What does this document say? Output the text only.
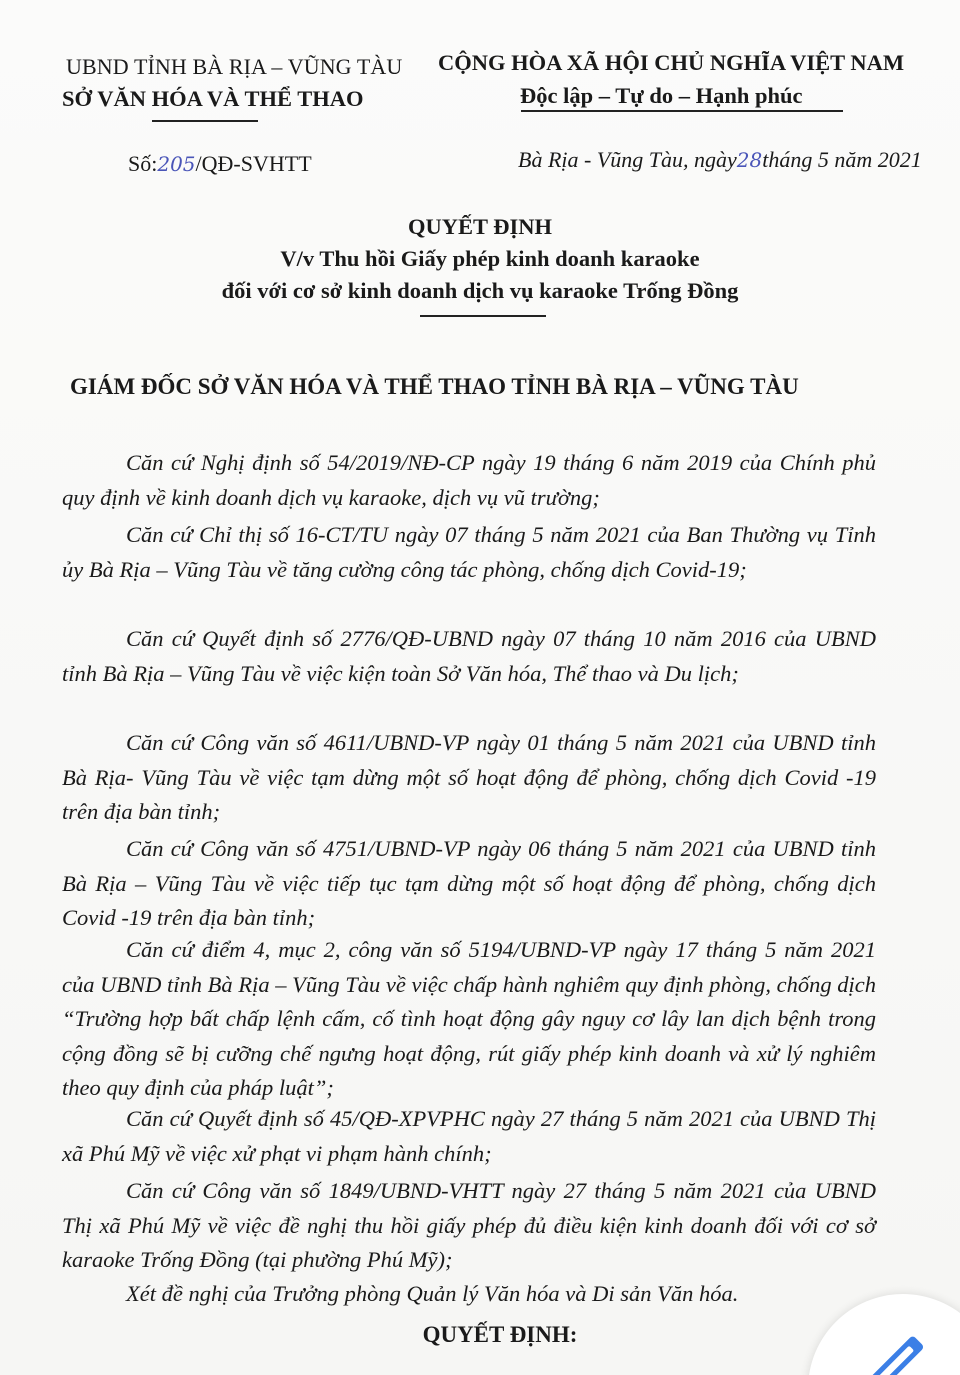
UBND TỈNH BÀ RỊA – VŨNG TÀU
SỞ VĂN HÓA VÀ THỂ THAO
CỘNG HÒA XÃ HỘI CHỦ NGHĨA VIỆT NAM
Độc lập – Tự do – Hạnh phúc
Số:205/QĐ-SVHTT	Bà Rịa - Vũng Tàu, ngày28tháng 5 năm 2021
QUYẾT ĐỊNH
V/v Thu hồi Giấy phép kinh doanh karaoke
đối với cơ sở kinh doanh dịch vụ karaoke Trống Đồng
GIÁM ĐỐC SỞ VĂN HÓA VÀ THỂ THAO TỈNH BÀ RỊA – VŨNG TÀU
Căn cứ Nghị định số 54/2019/NĐ-CP ngày 19 tháng 6 năm 2019 của Chính phủ quy định về kinh doanh dịch vụ karaoke, dịch vụ vũ trường;
Căn cứ Chỉ thị số 16-CT/TU ngày 07 tháng 5 năm 2021 của Ban Thường vụ Tỉnh ủy Bà Rịa – Vũng Tàu về tăng cường công tác phòng, chống dịch Covid-19;
Căn cứ Quyết định số 2776/QĐ-UBND ngày 07 tháng 10 năm 2016 của UBND tỉnh Bà Rịa – Vũng Tàu về việc kiện toàn Sở Văn hóa, Thể thao và Du lịch;
Căn cứ Công văn số 4611/UBND-VP ngày 01 tháng 5 năm 2021 của UBND tỉnh Bà Rịa- Vũng Tàu về việc tạm dừng một số hoạt động để phòng, chống dịch Covid -19 trên địa bàn tỉnh;
Căn cứ Công văn số 4751/UBND-VP ngày 06 tháng 5 năm 2021 của UBND tỉnh Bà Rịa – Vũng Tàu về việc tiếp tục tạm dừng một số hoạt động để phòng, chống dịch Covid -19 trên địa bàn tỉnh;
Căn cứ điểm 4, mục 2, công văn số 5194/UBND-VP ngày 17 tháng 5 năm 2021 của UBND tỉnh Bà Rịa – Vũng Tàu về việc chấp hành nghiêm quy định phòng, chống dịch “Trường hợp bất chấp lệnh cấm, cố tình hoạt động gây nguy cơ lây lan dịch bệnh trong cộng đồng sẽ bị cưỡng chế ngưng hoạt động, rút giấy phép kinh doanh và xử lý nghiêm theo quy định của pháp luật”;
Căn cứ Quyết định số 45/QĐ-XPVPHC ngày 27 tháng 5 năm 2021 của UBND Thị xã Phú Mỹ về việc xử phạt vi phạm hành chính;
Căn cứ Công văn số 1849/UBND-VHTT ngày 27 tháng 5 năm 2021 của UBND Thị xã Phú Mỹ về việc đề nghị thu hồi giấy phép đủ điều kiện kinh doanh đối với cơ sở karaoke Trống Đồng (tại phường Phú Mỹ);
Xét đề nghị của Trưởng phòng Quản lý Văn hóa và Di sản Văn hóa.
QUYẾT ĐỊNH:
